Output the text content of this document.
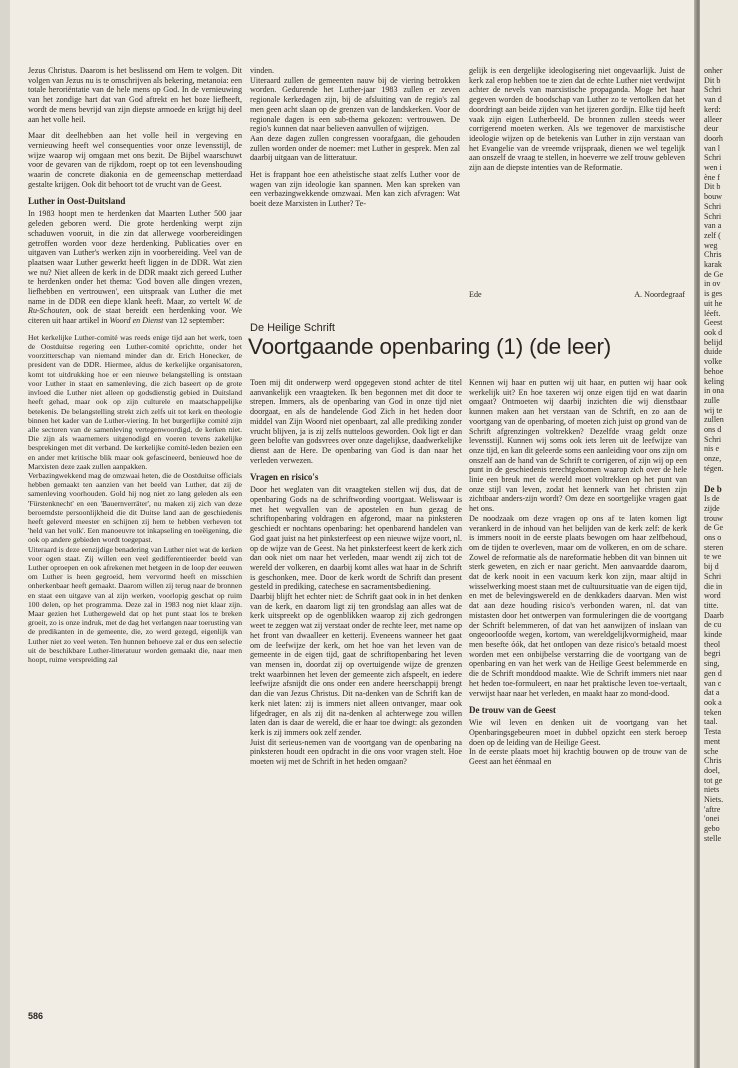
Jezus Christus. Daarom is het beslissend om Hem te volgen. Dit volgen van Jezus nu is te omschrijven als bekering, metanoia: een totale heroriëntatie van de hele mens op God. In de vernieuwing van het zondige hart dat van God aftrekt en het boze liefheeft, wordt de mens bevrijd van zijn diepste armoede en krijgt hij deel aan het volle heil.

Maar dit deelhebben aan het volle heil in vergeving en vernieuwing heeft wel consequenties voor onze levensstijl, de wijze waarop wij omgaan met ons bezit. De Bijbel waarschuwt voor de gevaren van de rijkdom, roept op tot een levenshouding waarin de concrete diakonia en de gemeenschap metterdaad gestalte krijgen. Ook dit behoort tot de vrucht van de Geest.

Luther in Oost-Duitsland

In 1983 hoopt men te herdenken dat Maarten Luther 500 jaar geleden geboren werd. Die grote herdenking werpt zijn schaduwen vooruit, in die zin dat allerwege voorbereidingen getroffen worden voor deze herdenking. Publicaties over en uitgaven van Luther's werken zijn in voorbereiding. Veel van de plaatsen waar Luther gewerkt heeft liggen in de DDR. Wat zien we nu? Niet alleen de kerk in de DDR maakt zich gereed Luther te herdenken onder het thema: 'God boven alle dingen vrezen, liefhebben en vertrouwen', een uitspraak van Luther die met name in de DDR een diepe klank heeft. Maar, zo vertelt W. de Ru-Schouten, ook de staat bereidt een herdenking voor. We citeren uit haar artikel in Woord en Dienst van 12 september:

Het kerkelijke Luther-comité was reeds enige tijd aan het werk, toen de Oostduitse regering een Luther-comité oprichtte, onder het voorzitterschap van niemand minder dan dr. Erich Honecker, de president van de DDR. Hiermee, aldus de kerkelijke organisatoren, komt tot uitdrukking hoe er een nieuwe belangstelling is ontstaan voor Luther in staat en samenleving, die zich baseert op de grote invloed die Luther niet alleen op godsdienstig gebied in Duitsland heeft gehad, maar ook op zijn culturele en maatschappelijke betekenis. De belangstelling strekt zich zelfs uit tot kerk en theologie binnen het kader van de Luther-viering. In het burgerlijke comité zijn alle sectoren van de samenleving vertegenwoordigd, de kerken niet. Die zijn als waarnemers uitgenodigd en voeren tevens zakelijke besprekingen met dit verband. De kerkelijke comité-leden bezien een en ander met kritische blik maar ook gefascineerd, benieuwd hoe de Marxisten deze zaak zullen aanpakken.

Verbazingwekkend mag de omzwaai heten, die de Oostduitse officials hebben gemaakt ten aanzien van het beeld van Luther, dat zij de samenleving voorhouden. Gold hij nog niet zo lang geleden als een 'Fürstenknecht' en een 'Bauernverräter', nu maken zij zich van deze beroemdste persoonlijkheid die dit Duitse land aan de geschiedenis heeft geleverd meester en schijnen zij hem te hebben verheven tot 'held van het volk'. Een manoeuvre tot inkapseling en toeëigening, die ook op andere gebieden wordt toegepast.

Uiteraard is deze eenzijdige benadering van Luther niet wat de kerken voor ogen staat. Zij willen een veel gedifferentieerder beeld van Luther oproepen en ook afrekenen met hetgeen in de loop der eeuwen om Luther is heen gegroeid, hem vervormd heeft en misschien onherkenbaar heeft gemaakt. Daarom willen zij terug naar de bronnen en staat een uitgave van al zijn werken, voorlopig geschat op ruim 100 delen, op het programma. Deze zal in 1983 nog niet klaar zijn. Maar gezien het Luthergeweld dat op het punt staat los te breken groeit, zo is onze indruk, met de dag het verlangen naar toerusting van de predikanten in de gemeente, die, zo werd gezegd, eigenlijk van Luther niet zo veel weten. Ten hunnen behoeve zal er dus een selectie uit de beschikbare Luther-litteratuur worden gemaakt die, naar men hoopt, ruime verspreiding zal

vinden.

Uiteraard zullen de gemeenten nauw bij de viering betrokken worden. Gedurende het Luther-jaar 1983 zullen er zeven regionale kerkedagen zijn, bij de afsluiting van de regio's zal men geen acht slaan op de grenzen van de landskerken. Voor de regionale dagen is een sub-thema gekozen: vertrouwen. De regio's kunnen dat naar believen aanvullen of wijzigen.

Aan deze dagen zullen congressen voorafgaan, die gehouden zullen worden onder de noemer: met Luther in gesprek. Men zal daarbij uitgaan van de litteratuur.

Het is frappant hoe een atheïstische staat zelfs Luther voor de wagen van zijn ideologie kan spannen. Men kan spreken van een verbazingwekkende omzwaai. Men kan zich afvragen: Wat boeit deze Marxisten in Luther? Te-

gelijk is een dergelijke ideologisering niet ongevaarlijk. Juist de kerk zal erop hebben toe te zien dat de echte Luther niet verdwijnt achter de nevels van marxistische propaganda. Moge het haar gegeven worden de boodschap van Luther zo te vertolken dat het doordringt aan beide zijden van het ijzeren gordijn. Elke tijd heeft vaak zijn eigen Lutherbeeld. De bronnen zullen steeds weer corrigerend moeten werken. Als we tegenover de marxistische ideologie wijzen op de betekenis van Luther in zijn verstaan van het Evangelie van de vreemde vrijspraak, dienen we wel tegelijk aan onszelf de vraag te stellen, in hoeverre we zelf trouw gebleven zijn aan de diepste intenties van de Reformatie.

Ede	A. Noordegraaf
De Heilige Schrift
Voortgaande openbaring (1) (de leer)

Toen mij dit onderwerp werd opgegeven stond achter de titel aanvankelijk een vraagteken. Ik ben begonnen met dit door te strepen. Immers, als de openbaring van God in onze tijd niet doorgaat, en als de handelende God Zich in het heden door middel van Zijn Woord niet openbaart, zal alle prediking zonder vrucht blijven, ja is zij zelfs nutteloos geworden. Ook ligt er dan geen belofte van godsvrees over onze dagelijkse, daadwerkelijke dienst aan de Here. De openbaring van God is dan naar het verleden verwezen.

Vragen en risico's

Door het weglaten van dit vraagteken stellen wij dus, dat de openbaring Gods na de schriftwording voortgaat. Weliswaar is met het wegvallen van de apostelen en hun gezag de schriftopenbaring voldragen en afgerond, maar na pinksteren geschiedt er nochtans openbaring: het openbarend handelen van God gaat juist na het pinksterfeest op een nieuwe wijze voort, nl. op de wijze van de Geest. Na het pinksterfeest keert de kerk zich dan ook niet om naar het verleden, maar wendt zij zich tot de wereld der volkeren, en daarbij komt alles wat haar in de Schrift is geschonken, mee. Door de kerk wordt de Schrift dan present gesteld in prediking, catechese en sacramentsbediening.

Daarbij blijft het echter niet: de Schrift gaat ook in in het denken van de kerk, en daarom ligt zij ten grondslag aan alles wat de kerk uitspreekt op de ogenblikken waarop zij zich gedrongen weet te zeggen wat zij verstaat onder de rechte leer, met name op het front van dwaalleer en ketterij. Eveneens wanneer het gaat om de leefwijze der kerk, om het hoe van het leven van de gemeente in de eigen tijd, gaat de schriftopenbaring het leven van mensen in, doordat zij op overtuigende wijze de grenzen trekt waarbinnen het leven der gemeente zich afspeelt, en iedere leefwijze afsnijdt die ons onder een andere heerschappij brengt dan die van Jezus Christus. Dit na-denken van de Schrift kan de kerk niet laten: zij is immers niet alleen ontvanger, maar ook lifgedrager, en als zij dit na-denken al achterwege zou willen laten dan is daar de wereld, die er haar toe dwingt: als gezonden kerk is zij immers ook zelf zender.

Juist dit serieus-nemen van de voortgang van de openbaring na pinksteren houdt een opdracht in die ons voor vragen stelt. Hoe moeten wij met de Schrift in het heden omgaan?

Kennen wij haar en putten wij uit haar, en putten wij haar ook werkelijk uit? En hoe taxeren wij onze eigen tijd en wat daarin omgaat? Ontmoeten wij daarbij inzichten die wij dienstbaar kunnen maken aan het verstaan van de Schrift, en zo aan de voortgang van de openbaring, of moeten zich juist op grond van de Schrift afgrenzingen voltrekken? Dezelfde vraag geldt onze levensstijl. Kunnen wij soms ook iets leren uit de leefwijze van onze tijd, en kan dit geleerde soms een aanleiding voor ons zijn om onszelf aan de hand van de Schrift te corrigeren, of zijn wij op een punt in de geschiedenis terechtgekomen waarop zich over de hele linie een breuk met de wereld moet voltrekken op het punt van onze stijl van leven, zodat het kennerk van het christen zijn zichtbaar anders-zijn wordt? Om deze en soortgelijke vragen gaat het ons.

De noodzaak om deze vragen op ons af te laten komen ligt verankerd in de inhoud van het belijden van de kerk zelf: de kerk is immers nooit in de eerste plaats bewogen om haar zelfbehoud, om de tijden te overleven, maar om de volkeren, en om de schare. Zowel de reformatie als de nareformatie hebben dit van binnen uit sterk geweten, en zich er naar gericht. Men aanvaardde daarom, dat de kerk nooit in een vacuum kerk kon zijn, maar altijd in wisselwerking moest staan met de cultuursituatie van de eigen tijd, en met de belevingswereld en de denkkaders daarvan. Men wist dat aan deze houding risico's verbonden waren, nl. dat van mistasten door het ontwerpen van formuleringen die de voortgang der Schrift belemmeren, of dat van het aanwijzen of inslaan van ongeoorloofde wegen, kortom, van wereldgelijkvormigheid, maar men besefte óók, dat het ontlopen van deze risico's betaald moest worden met een onbijbelse verstarring die de voortgang van de openbaring en van het werk van de Heilige Geest belemmerde en die de Schrift monddood maakte. Wie de Schrift immers niet naar het heden toe-formuleert, en naar het praktische leven toe-vertaalt, verwijst haar naar het verleden, en maakt haar zo mond-dood.

De trouw van de Geest

Wie wil leven en denken uit de voortgang van het Openbaringsgebeuren moet in dubbel opzicht een sterk beroep doen op de leiding van de Heilige Geest.

In de eerste plaats moet hij krachtig bouwen op de trouw van de Geest aan het éénmaal en

586
onher
Dit b
Schri
van d
kerd:
alleer
deur
doorh
van l
Schri
wen i
ène f
Dit b
bouw
Schri
Schri
van a
zelf (
weg
Chris
karak
de Ge
in ov
is ges
uit he
léeft.
Geest
ook d
belijd
duide
volke
behoe
keling
in ona
zulle
wij te
zullen
ons d
Schri
nis e
onze,
tégen.
De b
Is de
zijde
trouw
de Ge
ons o
steren
te we
bij d
Schri
die in
word
titte.
Daarb
de cu
kinde
theol
begri
sing,
gen d
van c
dat a
ook a
teken
taal.
Testa
ment
sche
Chris
doel,
tot ge
niets
Niets.
'aftre
'onei
gebo
stelle
